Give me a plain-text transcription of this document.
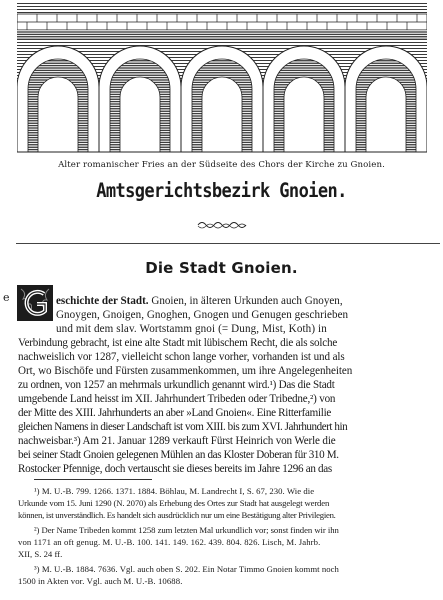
Alter romanischer Fries an der Südseite des Chors der Kirche zu Gnoien.
Amtsgerichtsbezirk Gnoien.
Die Stadt Gnoien.
e	eschichte der Stadt. Gnoien, in älteren Urkunden auch Gnoyen,
Gnoygen, Gnoigen, Gnoghen, Gnogen und Genugen geschrieben
und mit dem slav. Wortstamm gnoi (= Dung, Mist, Koth) in
Verbindung gebracht, ist eine alte Stadt mit lübischem Recht, die als solche
nachweislich vor 1287, vielleicht schon lange vorher, vorhanden ist und als
Ort, wo Bischöfe und Fürsten zusammenkommen, um ihre Angelegenheiten
zu ordnen, von 1257 an mehrmals urkundlich genannt wird.¹) Das die Stadt
umgebende Land heisst im XII. Jahrhundert Tribeden oder Tribedne,²) von
der Mitte des XIII. Jahrhunderts an aber »Land Gnoien«. Eine Ritterfamilie
gleichen Namens in dieser Landschaft ist vom XIII. bis zum XVI. Jahrhundert hin
nachweisbar.³) Am 21. Januar 1289 verkauft Fürst Heinrich von Werle die
bei seiner Stadt Gnoien gelegenen Mühlen an das Kloster Doberan für 310 M.
Rostocker Pfennige, doch vertauscht sie dieses bereits im Jahre 1296 an das
¹) M. U.-B. 799. 1266. 1371. 1884. Böhlau, M. Landrecht I, S. 67, 230. Wie die
Urkunde vom 15. Juni 1290 (N. 2070) als Erhebung des Ortes zur Stadt hat ausgelegt werden
können, ist unverständlich. Es handelt sich ausdrücklich nur um eine Bestätigung alter Privilegien.
²) Der Name Tribeden kommt 1258 zum letzten Mal urkundlich vor; sonst finden wir ihn
von 1171 an oft genug. M. U.-B. 100. 141. 149. 162. 439. 804. 826. Lisch, M. Jahrb.
XII, S. 24 ff.
³) M. U.-B. 1884. 7636. Vgl. auch oben S. 202. Ein Notar Timmo Gnoien kommt noch
1500 in Akten vor. Vgl. auch M. U.-B. 10688.
